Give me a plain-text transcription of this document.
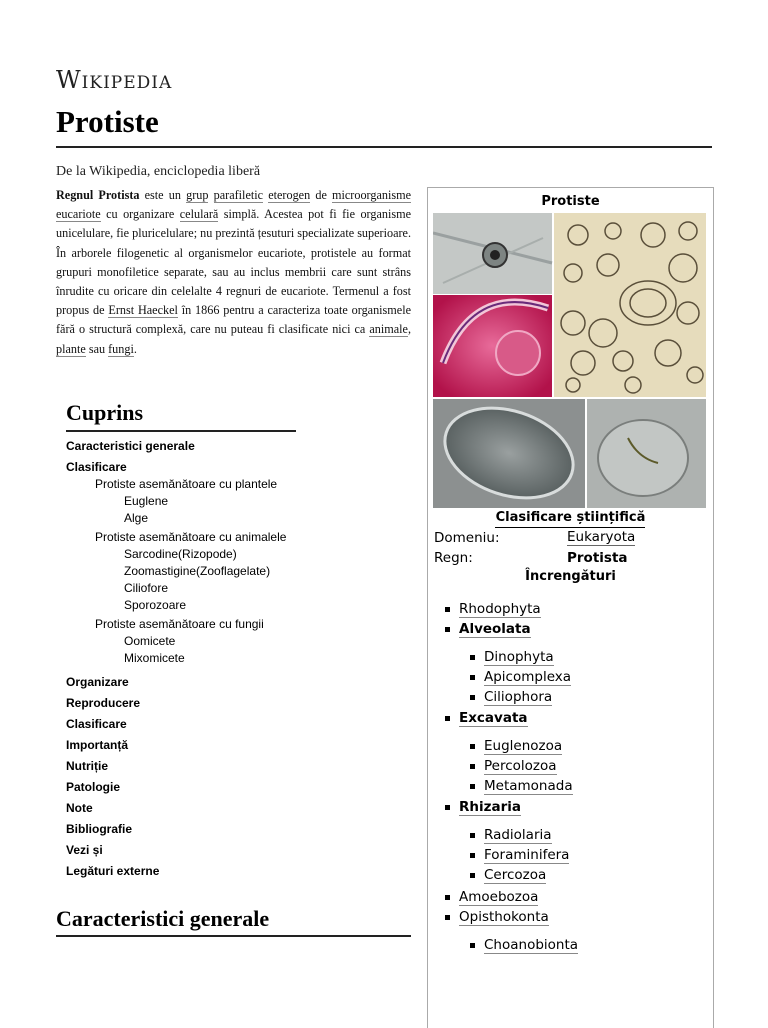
Wikipedia
Protiste
De la Wikipedia, enciclopedia liberă
Regnul Protista este un grup parafiletic eterogen de microorganisme eucariote cu organizare celulară simplă. Acestea pot fi fie organisme unicelulare, fie pluricelulare; nu prezintă țesuturi specializate superioare. În arborele filogenetic al organismelor eucariote, protistele au format grupuri monofiletice separate, sau au inclus membrii care sunt strâns înrudite cu oricare din celelalte 4 regnuri de eucariote. Termenul a fost propus de Ernst Haeckel în 1866 pentru a caracteriza toate organismele fără o structură complexă, care nu puteau fi clasificate nici ca animale, plante sau fungi.
Cuprins
Caracteristici generale
Clasificare
Protiste asemănătoare cu plantele
Euglene
Alge
Protiste asemănătoare cu animalele
Sarcodine(Rizopode)
Zoomastigine(Zooflagelate)
Ciliofore
Sporozoare
Protiste asemănătoare cu fungii
Oomicete
Mixomicete
Organizare
Reproducere
Clasificare
Importanță
Nutriție
Patologie
Note
Bibliografie
Vezi și
Legături externe
Caracteristici generale
Protiste
Clasificare științifică
Domeniu:	Eukaryota
Regn:	Protista
Încrengături
Rhodophyta
Alveolata
Dinophyta
Apicomplexa
Ciliophora
Excavata
Euglenozoa
Percolozoa
Metamonada
Rhizaria
Radiolaria
Foraminifera
Cercozoa
Amoebozoa
Opisthokonta
Choanobionta
